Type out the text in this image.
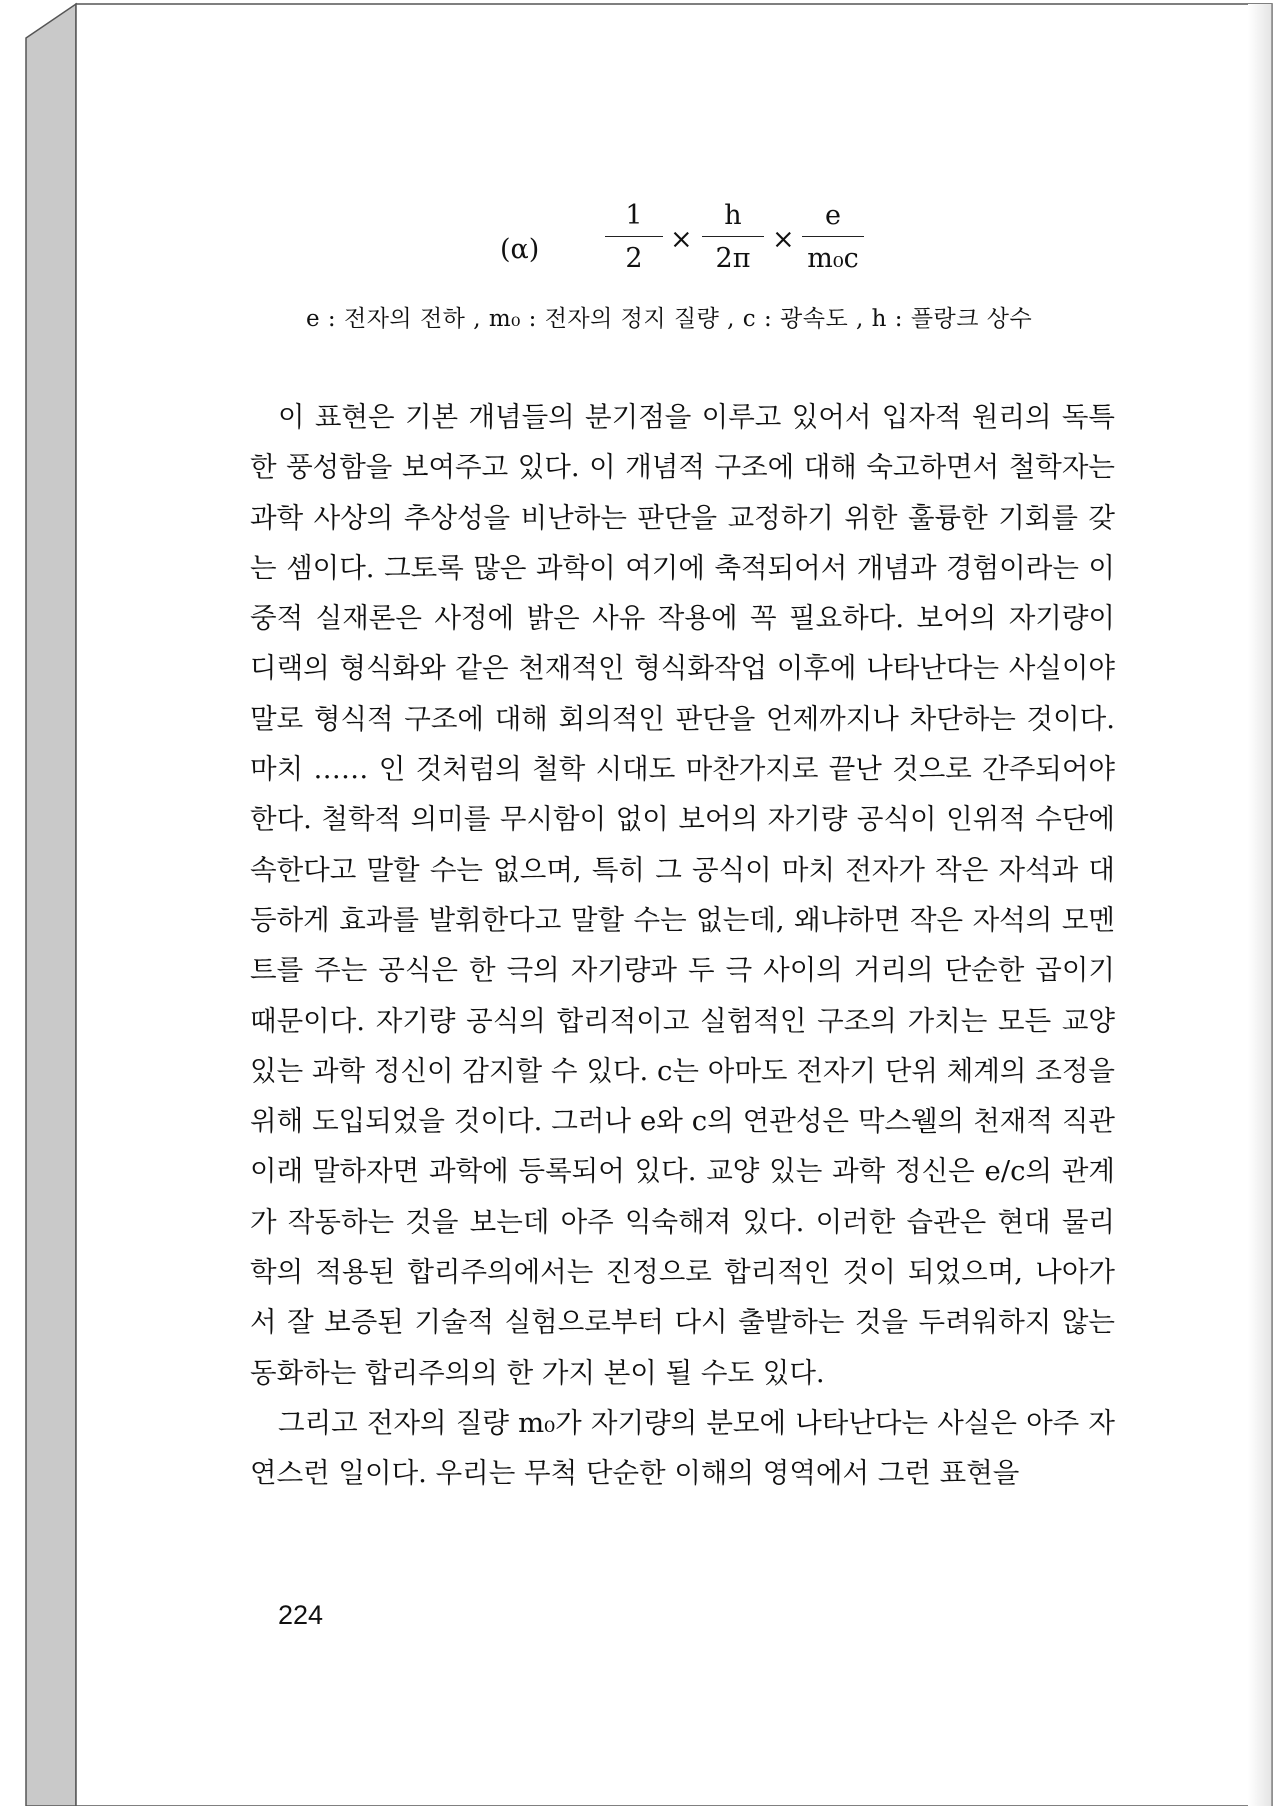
(α)
1
2
×
h
2π
×
e
m₀c
e : 전자의 전하 , m₀ : 전자의 정지 질량 , c : 광속도 , h : 플랑크 상수

이 표현은 기본 개념들의 분기점을 이루고 있어서 입자적 원리의 독특한 풍성함을 보여주고 있다. 이 개념적 구조에 대해 숙고하면서 철학자는 과학 사상의 추상성을 비난하는 판단을 교정하기 위한 훌륭한 기회를 갖는 셈이다. 그토록 많은 과학이 여기에 축적되어서 개념과 경험이라는 이중적 실재론은 사정에 밝은 사유 작용에 꼭 필요하다. 보어의 자기량이 디랙의 형식화와 같은 천재적인 형식화작업 이후에 나타난다는 사실이야말로 형식적 구조에 대해 회의적인 판단을 언제까지나 차단하는 것이다. 마치 …… 인 것처럼의 철학 시대도 마찬가지로 끝난 것으로 간주되어야 한다. 철학적 의미를 무시함이 없이 보어의 자기량 공식이 인위적 수단에 속한다고 말할 수는 없으며, 특히 그 공식이 마치 전자가 작은 자석과 대등하게 효과를 발휘한다고 말할 수는 없는데, 왜냐하면 작은 자석의 모멘트를 주는 공식은 한 극의 자기량과 두 극 사이의 거리의 단순한 곱이기 때문이다. 자기량 공식의 합리적이고 실험적인 구조의 가치는 모든 교양 있는 과학 정신이 감지할 수 있다. c는 아마도 전자기 단위 체계의 조정을 위해 도입되었을 것이다. 그러나 e와 c의 연관성은 막스웰의 천재적 직관 이래 말하자면 과학에 등록되어 있다. 교양 있는 과학 정신은 e/c의 관계가 작동하는 것을 보는데 아주 익숙해져 있다. 이러한 습관은 현대 물리학의 적용된 합리주의에서는 진정으로 합리적인 것이 되었으며, 나아가서 잘 보증된 기술적 실험으로부터 다시 출발하는 것을 두려워하지 않는 동화하는 합리주의의 한 가지 본이 될 수도 있다.

그리고 전자의 질량 m₀가 자기량의 분모에 나타난다는 사실은 아주 자연스런 일이다. 우리는 무척 단순한 이해의 영역에서 그런 표현을

224
